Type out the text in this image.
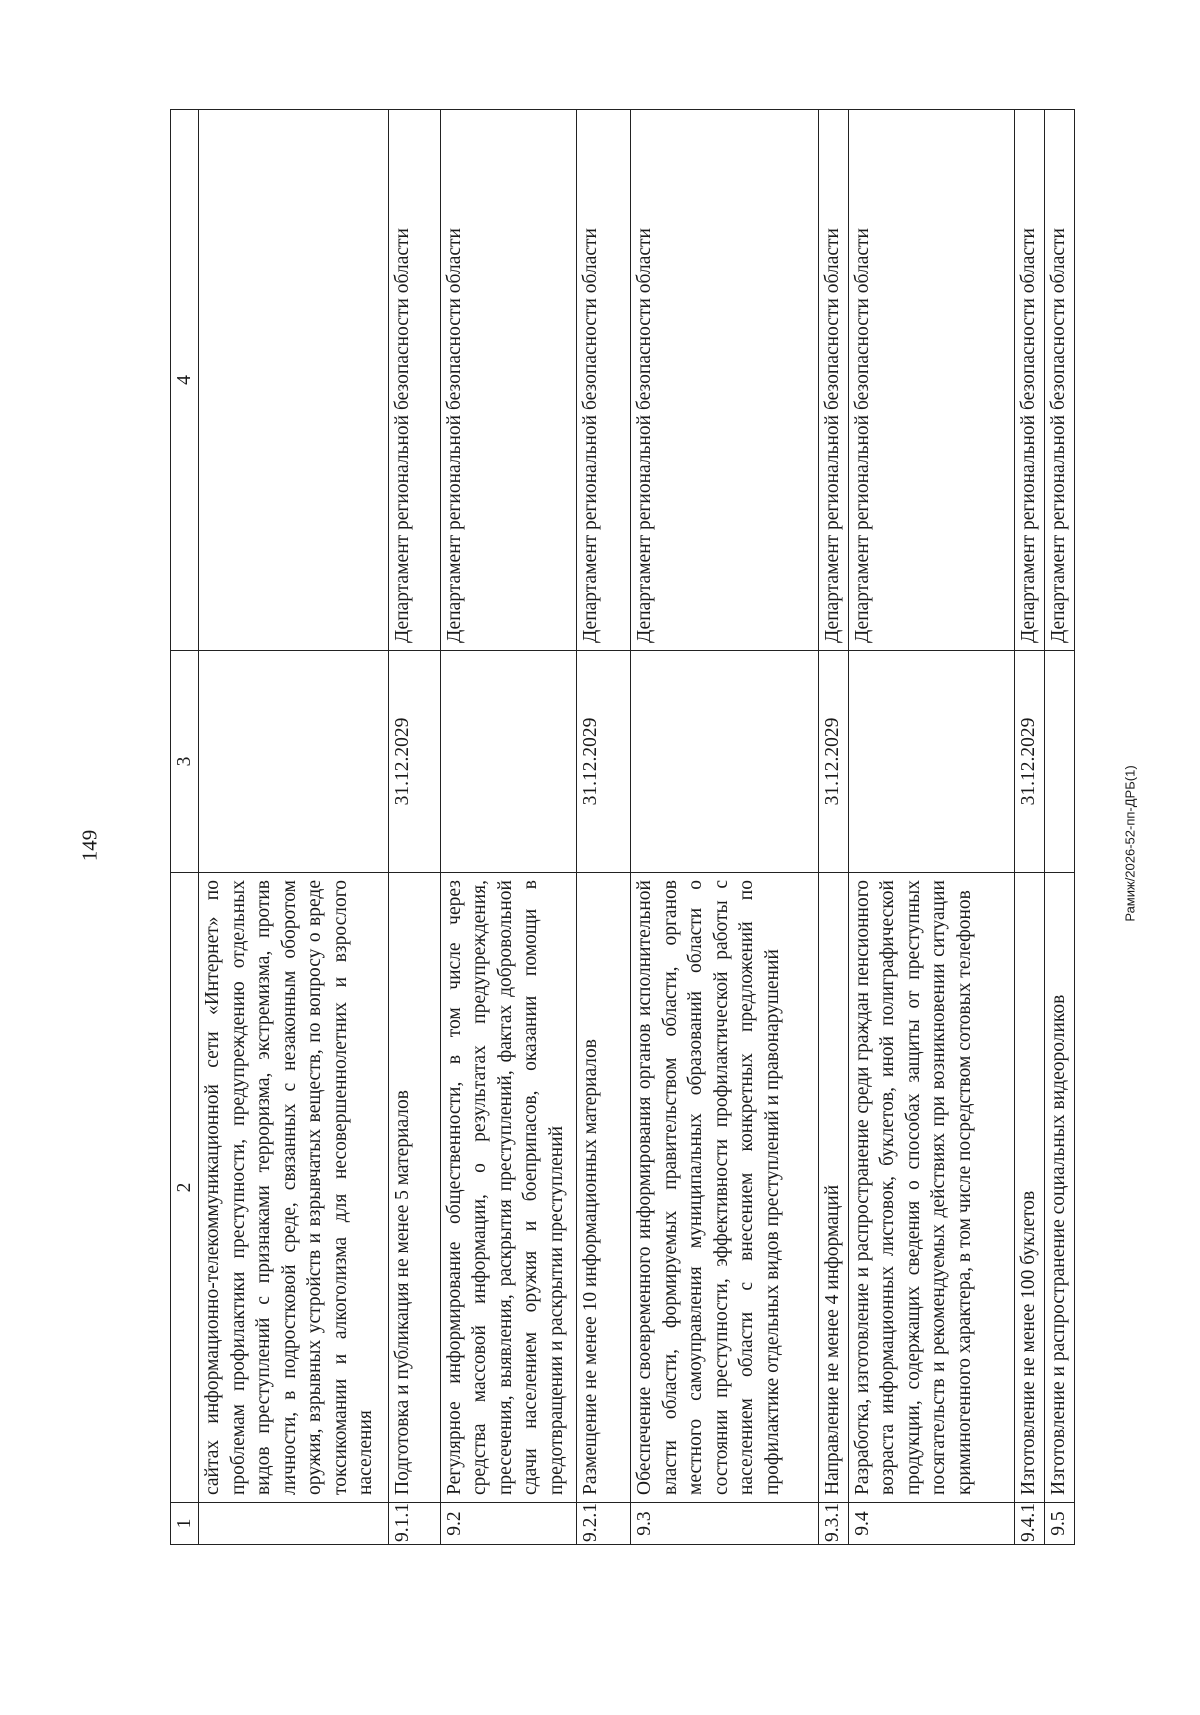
149	Рамиж/2026-52-пп-ДРБ(1)
1	2	3	4
	сайтах информационно-телекоммуникационной сети «Интернет» по проблемам профилактики преступности, предупреждению отдельных видов преступлений с признаками терроризма, экстремизма, против личности, в подростковой среде, связанных с незаконным оборотом оружия, взрывных устройств и взрывчатых веществ, по вопросу о вреде токсикомании и алкоголизма для несовершеннолетних и взрослого населения		
9.1.1	Подготовка и публикация не менее 5 материалов	31.12.2029	Департамент региональной безопасности области
9.2	Регулярное информирование общественности, в том числе через средства массовой информации, о результатах предупреждения, пресечения, выявления, раскрытия преступлений, фактах добровольной сдачи населением оружия и боеприпасов, оказании помощи в предотвращении и раскрытии преступлений		Департамент региональной безопасности области
9.2.1	Размещение не менее 10 информационных материалов	31.12.2029	Департамент региональной безопасности области
9.3	Обеспечение своевременного информирования органов исполнительной власти области, формируемых правительством области, органов местного самоуправления муниципальных образований области о состоянии преступности, эффективности профилактической работы с населением области с внесением конкретных предложений по профилактике отдельных видов преступлений и правонарушений		Департамент региональной безопасности области
9.3.1	Направление не менее 4 информаций	31.12.2029	Департамент региональной безопасности области
9.4	Разработка, изготовление и распространение среди граждан пенсионного возраста информационных листовок, буклетов, иной полиграфической продукции, содержащих сведения о способах защиты от преступных посягательств и рекомендуемых действиях при возникновении ситуации криминогенного характера, в том числе посредством сотовых телефонов		Департамент региональной безопасности области
9.4.1	Изготовление не менее 100 буклетов	31.12.2029	Департамент региональной безопасности области
9.5	Изготовление и распространение социальных видеороликов		Департамент региональной безопасности области
